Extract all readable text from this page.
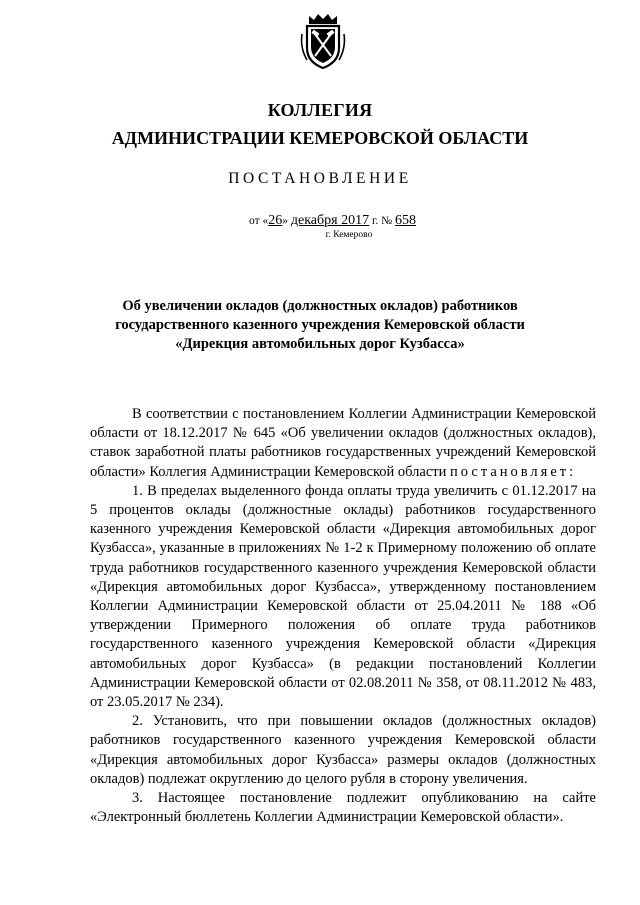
КОЛЛЕГИЯ
АДМИНИСТРАЦИИ КЕМЕРОВСКОЙ ОБЛАСТИ
ПОСТАНОВЛЕНИЕ
от «26» декабря 2017 г. № 658
г. Кемерово
Об увеличении окладов (должностных окладов) работников
государственного казенного учреждения Кемеровской области
«Дирекция автомобильных дорог Кузбасса»

В соответствии с постановлением Коллегии Администрации Кемеровской области от 18.12.2017 № 645 «Об увеличении окладов (должностных окладов), ставок заработной платы работников государственных учреждений Кемеровской области» Коллегия Администрации Кемеровской области постановляет:

1. В пределах выделенного фонда оплаты труда увеличить с 01.12.2017 на 5 процентов оклады (должностные оклады) работников государственного казенного учреждения Кемеровской области «Дирекция автомобильных дорог Кузбасса», указанные в приложениях № 1-2 к Примерному положению об оплате труда работников государственного казенного учреждения Кемеровской области «Дирекция автомобильных дорог Кузбасса», утвержденному постановлением Коллегии Администрации Кемеровской области от 25.04.2011 № 188 «Об утверждении Примерного положения об оплате труда работников государственного казенного учреждения Кемеровской области «Дирекция автомобильных дорог Кузбасса» (в редакции постановлений Коллегии Администрации Кемеровской области от 02.08.2011 № 358, от 08.11.2012 № 483, от 23.05.2017 № 234).

2. Установить, что при повышении окладов (должностных окладов) работников государственного казенного учреждения Кемеровской области «Дирекция автомобильных дорог Кузбасса» размеры окладов (должностных окладов) подлежат округлению до целого рубля в сторону увеличения.

3. Настоящее постановление подлежит опубликованию на сайте «Электронный бюллетень Коллегии Администрации Кемеровской области».
